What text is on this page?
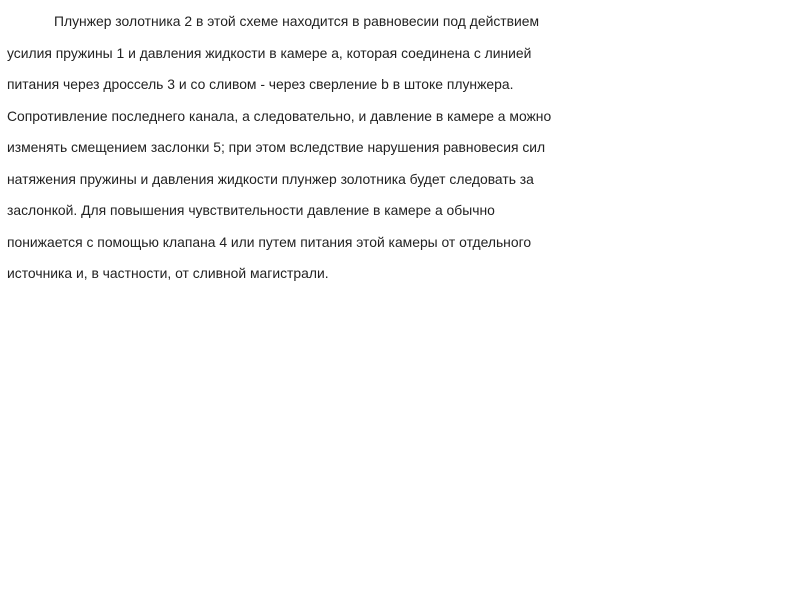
Плунжер золотника 2 в этой схеме находится в равновесии под действием
усилия пружины 1 и давления жидкости в камере а, которая соединена с линией
питания через дроссель 3 и со сливом - через сверление b в штоке плунжера.
Сопротивление последнего канала, а следовательно, и давление в камере а можно
изменять смещением заслонки 5; при этом вследствие нарушения равновесия сил
натяжения пружины и давления жидкости плунжер золотника будет следовать за
заслонкой. Для повышения чувствительности давление в камере а обычно
понижается с помощью клапана 4 или путем питания этой камеры от отдельного
источника и, в частности, от сливной магистрали.
